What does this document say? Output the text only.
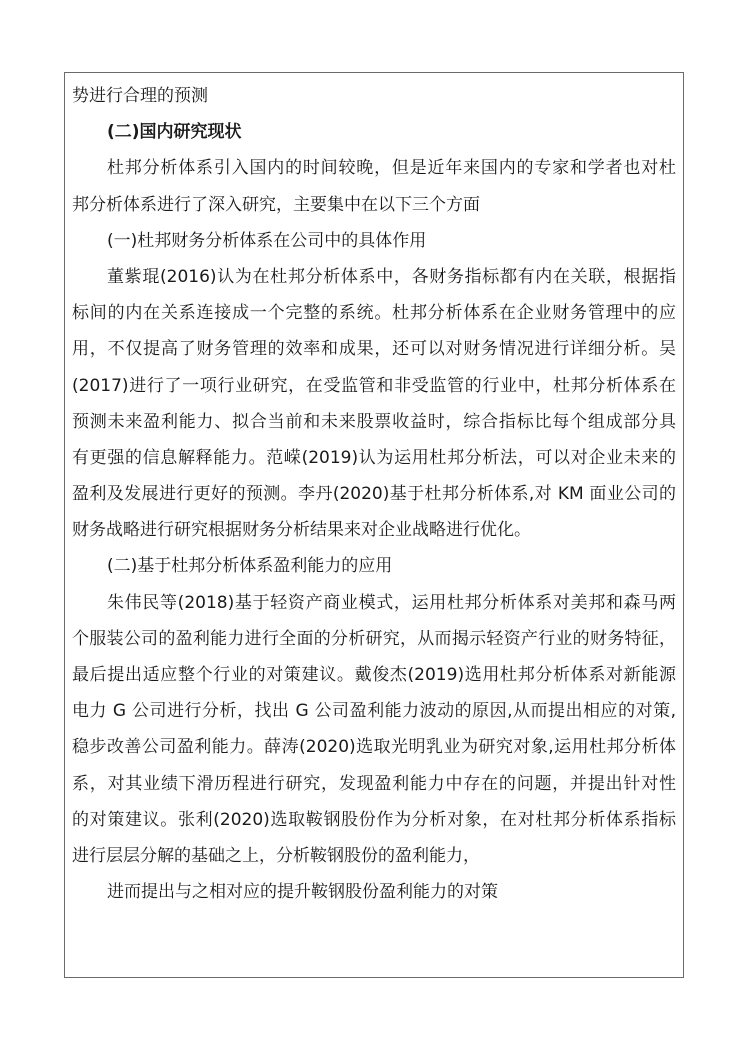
势进行合理的预测
(二)国内研究现状
杜邦分析体系引入国内的时间较晚，但是近年来国内的专家和学者也对杜
邦分析体系进行了深入研究，主要集中在以下三个方面
(一)杜邦财务分析体系在公司中的具体作用
董紫琨(2016)认为在杜邦分析体系中，各财务指标都有内在关联，根据指
标间的内在关系连接成一个完整的系统。杜邦分析体系在企业财务管理中的应
用，不仅提高了财务管理的效率和成果，还可以对财务情况进行详细分析。吴
(2017)进行了一项行业研究，在受监管和非受监管的行业中，杜邦分析体系在
预测未来盈利能力、拟合当前和未来股票收益时，综合指标比每个组成部分具
有更强的信息解释能力。范嵘(2019)认为运用杜邦分析法，可以对企业未来的
盈利及发展进行更好的预测。李丹(2020)基于杜邦分析体系,对 KM 面业公司的
财务战略进行研究根据财务分析结果来对企业战略进行优化。
(二)基于杜邦分析体系盈利能力的应用
朱伟民等(2018)基于轻资产商业模式，运用杜邦分析体系对美邦和森马两
个服装公司的盈利能力进行全面的分析研究，从而揭示轻资产行业的财务特征，
最后提出适应整个行业的对策建议。戴俊杰(2019)选用杜邦分析体系对新能源
电力 G 公司进行分析，找出 G 公司盈利能力波动的原因,从而提出相应的对策,
稳步改善公司盈利能力。薛涛(2020)选取光明乳业为研究对象,运用杜邦分析体
系，对其业绩下滑历程进行研究，发现盈利能力中存在的问题，并提出针对性
的对策建议。张利(2020)选取鞍钢股份作为分析对象，在对杜邦分析体系指标
进行层层分解的基础之上，分析鞍钢股份的盈利能力，
进而提出与之相对应的提升鞍钢股份盈利能力的对策
